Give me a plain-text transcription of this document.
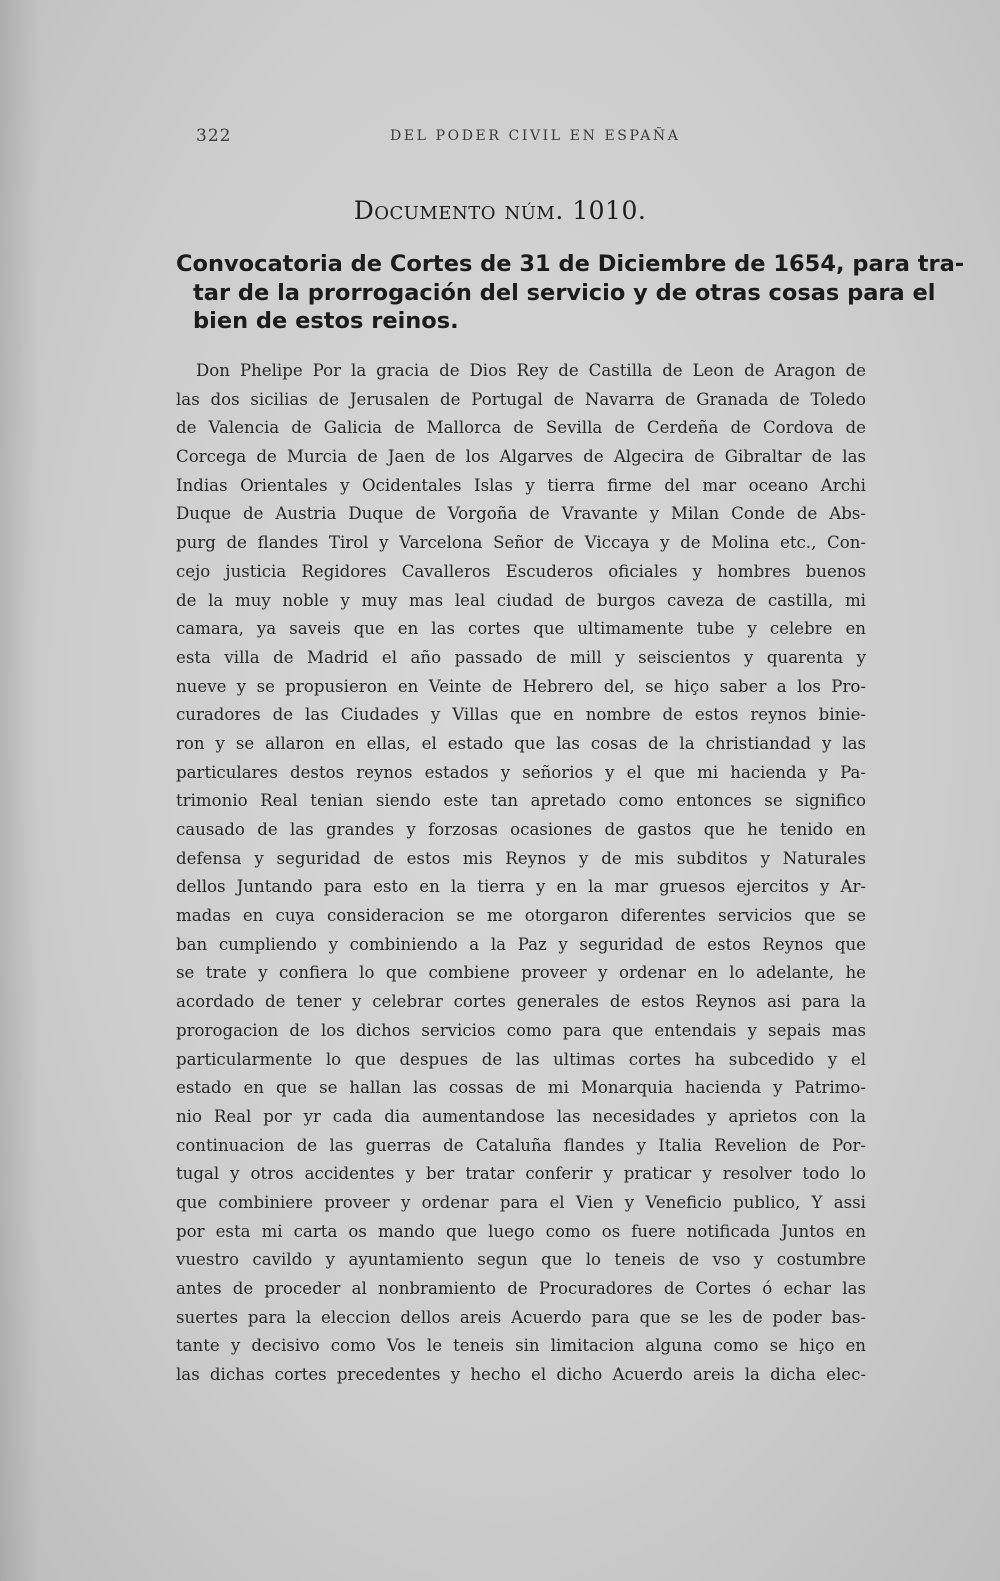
322	DEL PODER CIVIL EN ESPAÑA
Documento núm. 1010.
Convocatoria de Cortes de 31 de Diciembre de 1654, para tra-
tar de la prorrogación del servicio y de otras cosas para el
bien de estos reinos.
Don Phelipe Por la gracia de Dios Rey de Castilla de Leon de Aragon de
las dos sicilias de Jerusalen de Portugal de Navarra de Granada de Toledo
de Valencia de Galicia de Mallorca de Sevilla de Cerdeña de Cordova de
Corcega de Murcia de Jaen de los Algarves de Algecira de Gibraltar de las
Indias Orientales y Ocidentales Islas y tierra firme del mar oceano Archi
Duque de Austria Duque de Vorgoña de Vravante y Milan Conde de Abs-
purg de flandes Tirol y Varcelona Señor de Viccaya y de Molina etc., Con-
cejo justicia Regidores Cavalleros Escuderos oficiales y hombres buenos
de la muy noble y muy mas leal ciudad de burgos caveza de castilla, mi
camara, ya saveis que en las cortes que ultimamente tube y celebre en
esta villa de Madrid el año passado de mill y seiscientos y quarenta y
nueve y se propusieron en Veinte de Hebrero del, se hiço saber a los Pro-
curadores de las Ciudades y Villas que en nombre de estos reynos binie-
ron y se allaron en ellas, el estado que las cosas de la christiandad y las
particulares destos reynos estados y señorios y el que mi hacienda y Pa-
trimonio Real tenian siendo este tan apretado como entonces se significo
causado de las grandes y forzosas ocasiones de gastos que he tenido en
defensa y seguridad de estos mis Reynos y de mis subditos y Naturales
dellos Juntando para esto en la tierra y en la mar gruesos ejercitos y Ar-
madas en cuya consideracion se me otorgaron diferentes servicios que se
ban cumpliendo y combiniendo a la Paz y seguridad de estos Reynos que
se trate y confiera lo que combiene proveer y ordenar en lo adelante, he
acordado de tener y celebrar cortes generales de estos Reynos asi para la
prorogacion de los dichos servicios como para que entendais y sepais mas
particularmente lo que despues de las ultimas cortes ha subcedido y el
estado en que se hallan las cossas de mi Monarquia hacienda y Patrimo-
nio Real por yr cada dia aumentandose las necesidades y aprietos con la
continuacion de las guerras de Cataluña flandes y Italia Revelion de Por-
tugal y otros accidentes y ber tratar conferir y praticar y resolver todo lo
que combiniere proveer y ordenar para el Vien y Veneficio publico, Y assi
por esta mi carta os mando que luego como os fuere notificada Juntos en
vuestro cavildo y ayuntamiento segun que lo teneis de vso y costumbre
antes de proceder al nonbramiento de Procuradores de Cortes ó echar las
suertes para la eleccion dellos areis Acuerdo para que se les de poder bas-
tante y decisivo como Vos le teneis sin limitacion alguna como se hiço en
las dichas cortes precedentes y hecho el dicho Acuerdo areis la dicha elec-
